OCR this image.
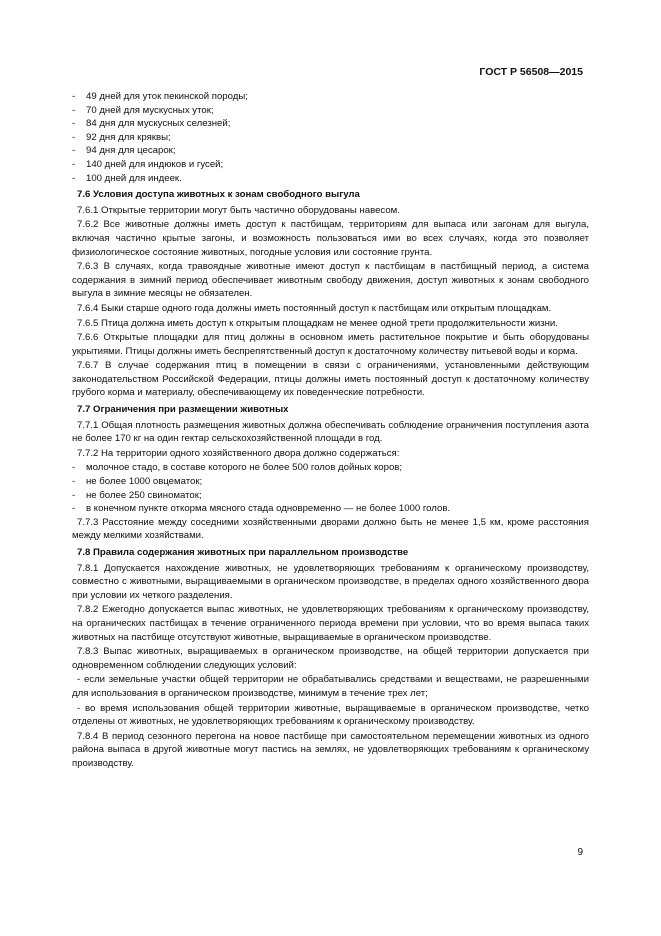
ГОСТ Р 56508—2015
- 49 дней для уток пекинской породы;
- 70 дней для мускусных уток;
- 84 дня для мускусных селезней;
- 92 дня для кряквы;
- 94 дня для цесарок;
- 140 дней для индюков и гусей;
- 100 дней для индеек.
7.6 Условия доступа животных к зонам свободного выгула

7.6.1 Открытые территории могут быть частично оборудованы навесом.

7.6.2 Все животные должны иметь доступ к пастбищам, территориям для выпаса или загонам для выгула, включая частично крытые загоны, и возможность пользоваться ими во всех случаях, когда это позволяет физиологическое состояние животных, погодные условия или состояние грунта.

7.6.3 В случаях, когда травоядные животные имеют доступ к пастбищам в пастбищный период, а система содержания в зимний период обеспечивает животным свободу движения, доступ животных к зонам свободного выгула в зимние месяцы не обязателен.

7.6.4 Быки старше одного года должны иметь постоянный доступ к пастбищам или открытым площадкам.

7.6.5 Птица должна иметь доступ к открытым площадкам не менее одной трети продолжительности жизни.

7.6.6 Открытые площадки для птиц должны в основном иметь растительное покрытие и быть оборудованы укрытиями. Птицы должны иметь беспрепятственный доступ к достаточному количеству питьевой воды и корма.

7.6.7 В случае содержания птиц в помещении в связи с ограничениями, установленными действующим законодательством Российской Федерации, птицы должны иметь постоянный доступ к достаточному количеству грубого корма и материалу, обеспечивающему их поведенческие потребности.

7.7 Ограничения при размещении животных

7.7.1 Общая плотность размещения животных должна обеспечивать соблюдение ограничения поступления азота не более 170 кг на один гектар сельскохозяйственной площади в год.

7.7.2 На территории одного хозяйственного двора должно содержаться:

- молочное стадо, в составе которого не более 500 голов дойных коров;
- не более 1000 овцематок;
- не более 250 свиноматок;
- в конечном пункте откорма мясного стада одновременно — не более 1000 голов.

7.7.3 Расстояние между соседними хозяйственными дворами должно быть не менее 1,5 км, кроме расстояния между мелкими хозяйствами.

7.8 Правила содержания животных при параллельном производстве

7.8.1 Допускается нахождение животных, не удовлетворяющих требованиям к органическому производству, совместно с животными, выращиваемыми в органическом производстве, в пределах одного хозяйственного двора при условии их четкого разделения.

7.8.2 Ежегодно допускается выпас животных, не удовлетворяющих требованиям к органическому производству, на органических пастбищах в течение ограниченного периода времени при условии, что во время выпаса таких животных на пастбище отсутствуют животные, выращиваемые в органическом производстве.

7.8.3 Выпас животных, выращиваемых в органическом производстве, на общей территории допускается при одновременном соблюдении следующих условий:

- если земельные участки общей территории не обрабатывались средствами и веществами, не разрешенными для использования в органическом производстве, минимум в течение трех лет;

- во время использования общей территории животные, выращиваемые в органическом производстве, четко отделены от животных, не удовлетворяющих требованиям к органическому производству.

7.8.4 В период сезонного перегона на новое пастбище при самостоятельном перемещении животных из одного района выпаса в другой животные могут пастись на землях, не удовлетворяющих требованиям к органическому производству.

9
